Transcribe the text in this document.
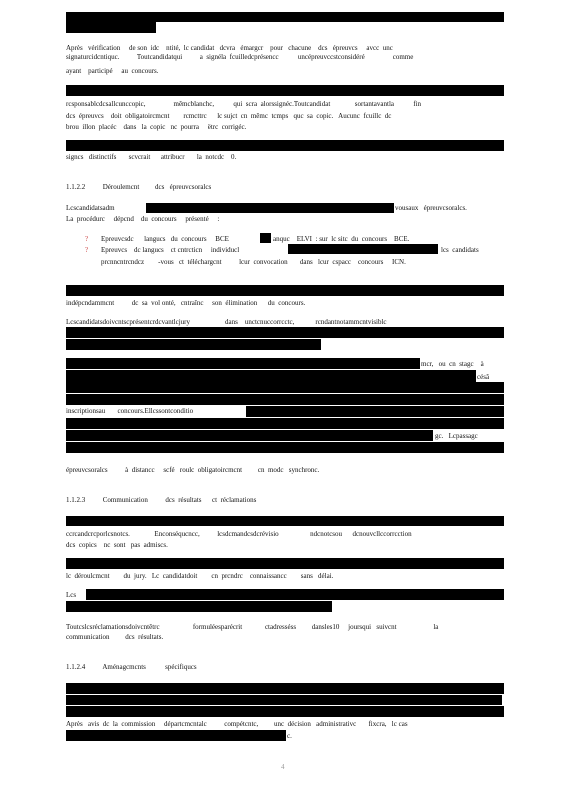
Après   vérification     de son  idc    ntité,  lc candidat   dcvra   émargcr    pour   chacune    dcs   épreuvcs     avcc  unc
signaturcidcntiquc.          Toutcandidatqui          a  signéla  fcuilledcprésencc           uncépreuvccstconsidéré                comme
ayant    participé     au  concours.
rcsponsablcdcsallcunccopic,                mêmcblanchc,           qui  scra  alorssignéc.Toutcandidat              sortantavantla           fin
dcs  épreuvcs    doit  obligatoircmcnt        rcmcttrc      lc sujct  cn  mêmc  tcmps   quc  sa  copic.   Aucunc  fcuillc  dc
brou  illon  placéc    dans   la  copic   nc  pourra     ëtrc  corrigéc.
signcs   distinctifs       scvcrait      attribucr       la  notcdc    0.
1.1.2.2          Déroulemcnt         dcs   épreuvcsoralcs
Lcscandidatsadm	vousaux   épreuvcsoralcs.
La  procédurc     dépcnd    du  concours     présenté     :
? Epreuvcsdc      langucs   du  concours     BCE	anquc    ELVI  : sur  lc sitc  du  concours    BCE.
? Epreuvcs    dc langucs    ct cntrcticn     individucl	lcs  candidats
prcnncntrcndcz        -vous   ct  téléchargcnt          lcur  convocation       dans   lcur  cspacc    concours     ICN.
indépcndammcnt          dc  sa  vol onté,   cntraînc     son  élimination      du  concours.
Lcscandidatsdoivcntscprésentcrdcvantlcjury                    dans    unctcnuccorrcctc,            rcndantnotammcntvisiblc
mcr,   ou  cn  stagc    à
césâ
inscriptionsau       concours.Ellcssontconditio
gc.   Lcpassagc
épreuvcsoralcs          à  distancc     scfé   roulc  obligatoircmcnt         cn  modc   synchronc.
1.1.2.3          Communication          dcs  résultats      ct  réclamations
ccrcandcrcporlcsnotcs.              Enconséqucncc,          lcsdcmandcsdcrévisio                  ndcnotcsou      dcnouvcllccorrcction
dcs  copics    nc  sont   pas  admiscs.
lc  déroulcmcnt        du  jury.   Lc  candidatdoit        cn  prcndrc    connaissancc        sans   délai.
Lcs
Toutcslcsréclamationsdoivcntêtrc                   formuléesparécrit             ctadresséss         dansles10     joursqui   suivcnt                     la
communication         dcs  résultats.
1.1.2.4          Aménagcmcnts           spécifiqucs
Après   avis  dc  la  commission     départcmcntalc          compétcntc,         unc  décision   administrativc       fixcra,   lc cas
c.
4
